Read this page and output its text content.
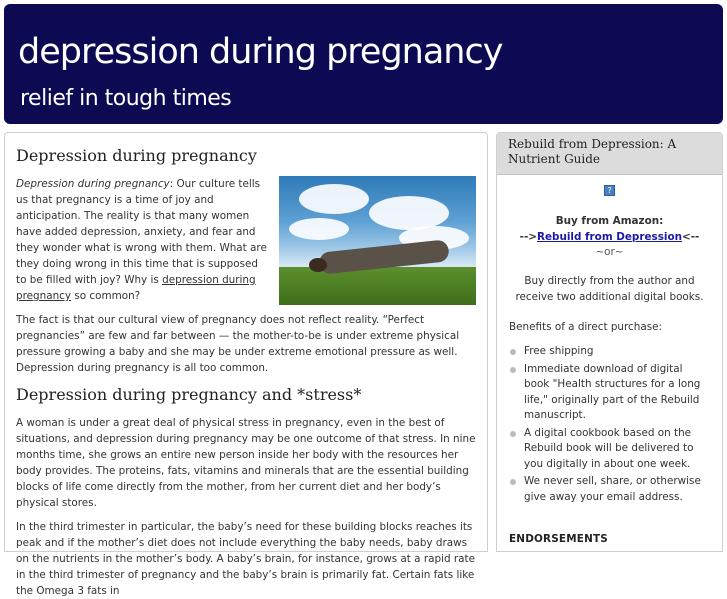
depression during pregnancy
relief in tough times
Depression during pregnancy

Depression during pregnancy: Our culture tells us that pregnancy is a time of joy and anticipation. The reality is that many women have added depression, anxiety, and fear and they wonder what is wrong with them. What are they doing wrong in this time that is supposed to be filled with joy? Why is depression during pregnancy so common?

The fact is that our cultural view of pregnancy does not reflect reality. “Perfect pregnancies” are few and far between — the mother-to-be is under extreme physical pressure growing a baby and she may be under extreme emotional pressure as well. Depression during pregnancy is all too common.

Depression during pregnancy and *stress*

A woman is under a great deal of physical stress in pregnancy, even in the best of situations, and depression during pregnancy may be one outcome of that stress. In nine months time, she grows an entire new person inside her body with the resources her body provides. The proteins, fats, vitamins and minerals that are the essential building blocks of life come directly from the mother, from her current diet and her body’s physical stores.

In the third trimester in particular, the baby’s need for these building blocks reaches its peak and if the mother’s diet does not include everything the baby needs, baby draws on the nutrients in the mother’s body. A baby’s brain, for instance, grows at a rapid rate in the third trimester of pregnancy and the baby’s brain is primarily fat. Certain fats like the Omega 3 fats in

Rebuild from Depression: A Nutrient Guide
?
Buy from Amazon:
-->Rebuild from Depression<--
~or~
Buy directly from the author and receive two additional digital books.
Benefits of a direct purchase:
Free shipping
Immediate download of digital book "Health structures for a long life," originally part of the Rebuild manuscript.
A digital cookbook based on the Rebuild book will be delivered to you digitally in about one week.
We never sell, share, or otherwise give away your email address.
ENDORSEMENTS
